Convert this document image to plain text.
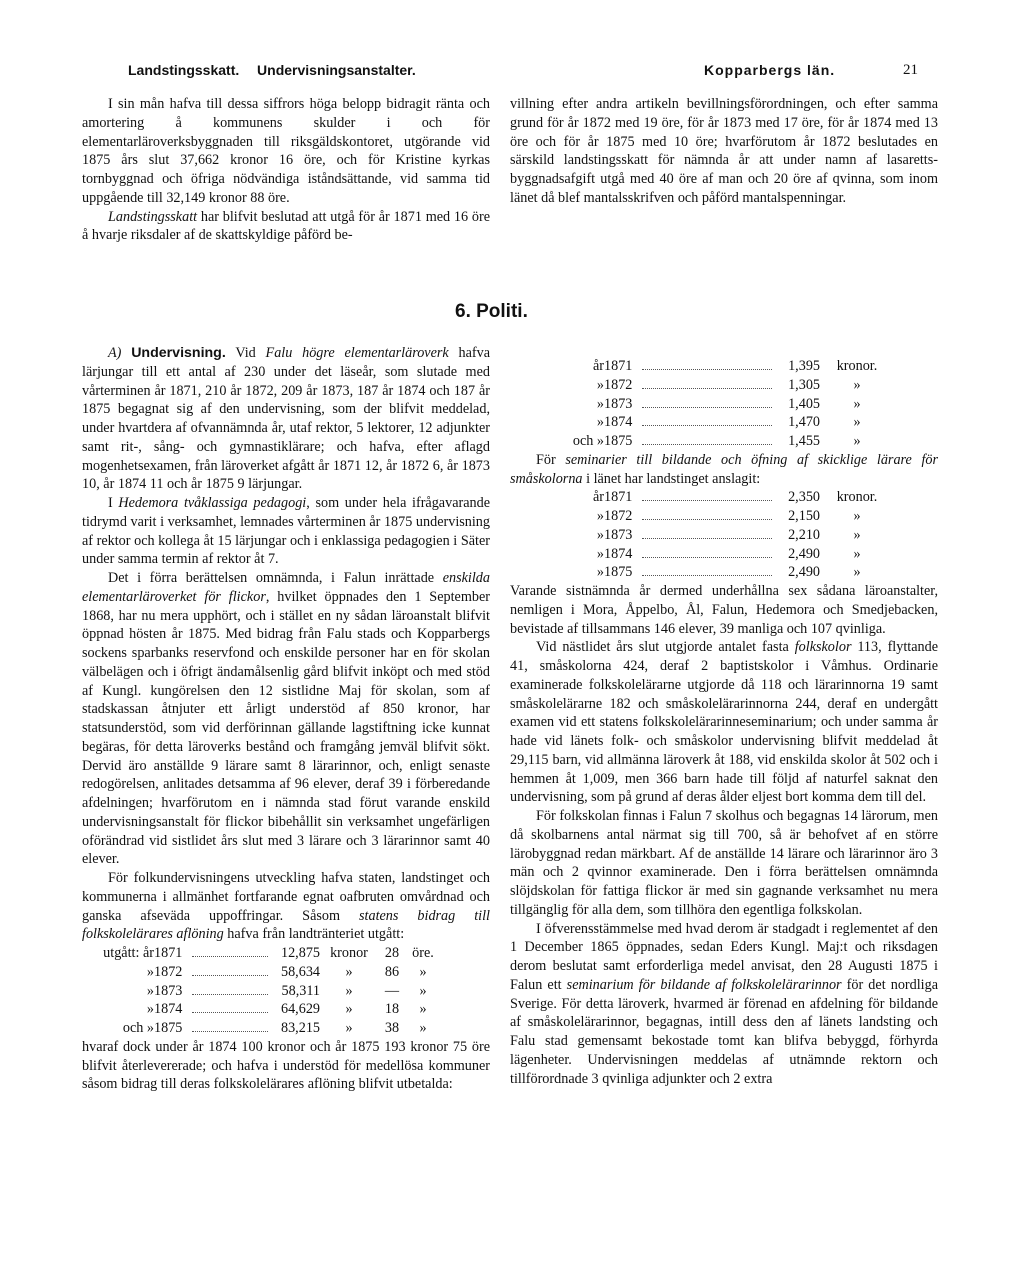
Landstingsskatt. Undervisningsanstalter.	Kopparbergs län.	21

I sin mån hafva till dessa siffrors höga belopp bidragit ränta och amortering å kommunens skulder i och för elementarläroverksbyggnaden till riksgäldskontoret, utgörande vid 1875 års slut 37,662 kronor 16 öre, och för Kristine kyrkas tornbyggnad och öfriga nödvändiga iståndsättande, vid samma tid uppgående till 32,149 kronor 88 öre.

Landstingsskatt har blifvit beslutad att utgå för år 1871 med 16 öre å hvarje riksdaler af de skattskyldige påförd be-

villning efter andra artikeln bevillningsförordningen, och efter samma grund för år 1872 med 19 öre, för år 1873 med 17 öre, för år 1874 med 13 öre och för år 1875 med 10 öre; hvarförutom år 1872 beslutades en särskild landstingsskatt för nämnda år att under namn af lasaretts-byggnadsafgift utgå med 40 öre af man och 20 öre af qvinna, som inom länet då blef mantalsskrifven och påförd mantalspenningar.

6. Politi.

A) Undervisning. Vid Falu högre elementarläroverk hafva lärjungar till ett antal af 230 under det läseår, som slutade med vårterminen år 1871, 210 år 1872, 209 år 1873, 187 år 1874 och 187 år 1875 begagnat sig af den undervisning, som der blifvit meddelad, under hvartdera af ofvannämnda år, utaf rektor, 5 lektorer, 12 adjunkter samt rit-, sång- och gymnastiklärare; och hafva, efter aflagd mogenhetsexamen, från läroverket afgått år 1871 12, år 1872 6, år 1873 10, år 1874 11 och år 1875 9 lärjungar.

I Hedemora tvåklassiga pedagogi, som under hela ifrågavarande tidrymd varit i verksamhet, lemnades vårterminen år 1875 undervisning af rektor och kollega åt 15 lärjungar och i enklassiga pedagogien i Säter under samma termin af rektor åt 7.

Det i förra berättelsen omnämnda, i Falun inrättade enskilda elementarläroverket för flickor, hvilket öppnades den 1 September 1868, har nu mera upphört, och i stället en ny sådan läroanstalt blifvit öppnad hösten år 1875. Med bidrag från Falu stads och Kopparbergs sockens sparbanks reservfond och enskilde personer har en för skolan välbelägen och i öfrigt ändamålsenlig gård blifvit inköpt och med stöd af Kungl. kungörelsen den 12 sistlidne Maj för skolan, som af stadskassan åtnjuter ett årligt understöd af 850 kronor, har statsunderstöd, som vid derförinnan gällande lagstiftning icke kunnat begäras, för detta läroverks bestånd och framgång jemväl blifvit sökt. Dervid äro anställde 9 lärare samt 8 lärarinnor, och, enligt senaste redogörelsen, anlitades detsamma af 96 elever, deraf 39 i förberedande afdelningen; hvarförutom en i nämnda stad förut varande enskild undervisningsanstalt för flickor bibehållit sin verksamhet ungefärligen oförändrad vid sistlidet års slut med 3 lärare och 3 lärarinnor samt 40 elever.

För folkundervisningens utveckling hafva staten, landstinget och kommunerna i allmänhet fortfarande egnat oafbruten omvårdnad och ganska afseväda uppoffringar. Såsom statens bidrag till folkskolelärares aflöning hafva från landtränteriet utgått:

utgått: år	1871		12,875	kronor	28	öre.
»	1872		58,634	»	86	»
»	1873		58,311	»	—	»
»	1874		64,629	»	18	»
och »	1875		83,215	»	38	»

hvaraf dock under år 1874 100 kronor och år 1875 193 kronor 75 öre blifvit återlevererade; och hafva i understöd för medellösa kommuner såsom bidrag till deras folkskolelärares aflöning blifvit utbetalda:

år	1871		1,395	kronor.
»	1872		1,305	»
»	1873		1,405	»
»	1874		1,470	»
och »	1875		1,455	»

För seminarier till bildande och öfning af skicklige lärare för småskolorna i länet har landstinget anslagit:

år	1871		2,350	kronor.
»	1872		2,150	»
»	1873		2,210	»
»	1874		2,490	»
»	1875		2,490	»

Varande sistnämnda år dermed underhållna sex sådana läroanstalter, nemligen i Mora, Åppelbo, Ål, Falun, Hedemora och Smedjebacken, bevistade af tillsammans 146 elever, 39 manliga och 107 qvinliga.

Vid nästlidet års slut utgjorde antalet fasta folkskolor 113, flyttande 41, småskolorna 424, deraf 2 baptistskolor i Våmhus. Ordinarie examinerade folkskolelärarne utgjorde då 118 och lärarinnorna 19 samt småskolelärarne 182 och småskolelärarinnorna 244, deraf en undergått examen vid ett statens folkskolelärarinneseminarium; och under samma år hade vid länets folk- och småskolor undervisning blifvit meddelad åt 29,115 barn, vid allmänna läroverk åt 188, vid enskilda skolor åt 502 och i hemmen åt 1,009, men 366 barn hade till följd af naturfel saknat den undervisning, som på grund af deras ålder eljest bort komma dem till del.

För folkskolan finnas i Falun 7 skolhus och begagnas 14 lärorum, men då skolbarnens antal närmat sig till 700, så är behofvet af en större lärobyggnad redan märkbart. Af de anställde 14 lärare och lärarinnor äro 3 män och 2 qvinnor examinerade. Den i förra berättelsen omnämnda slöjdskolan för fattiga flickor är med sin gagnande verksamhet nu mera tillgänglig för alla dem, som tillhöra den egentliga folkskolan.

I öfverensstämmelse med hvad derom är stadgadt i reglementet af den 1 December 1865 öppnades, sedan Eders Kungl. Maj:t och riksdagen derom beslutat samt erforderliga medel anvisat, den 28 Augusti 1875 i Falun ett seminarium för bildande af folkskolelärarinnor för det nordliga Sverige. För detta läroverk, hvarmed är förenad en afdelning för bildande af småskolelärarinnor, begagnas, intill dess den af länets landsting och Falu stad gemensamt bekostade tomt kan blifva bebyggd, förhyrda lägenheter. Undervisningen meddelas af utnämnde rektorn och tillförordnade 3 qvinliga adjunkter och 2 extra
